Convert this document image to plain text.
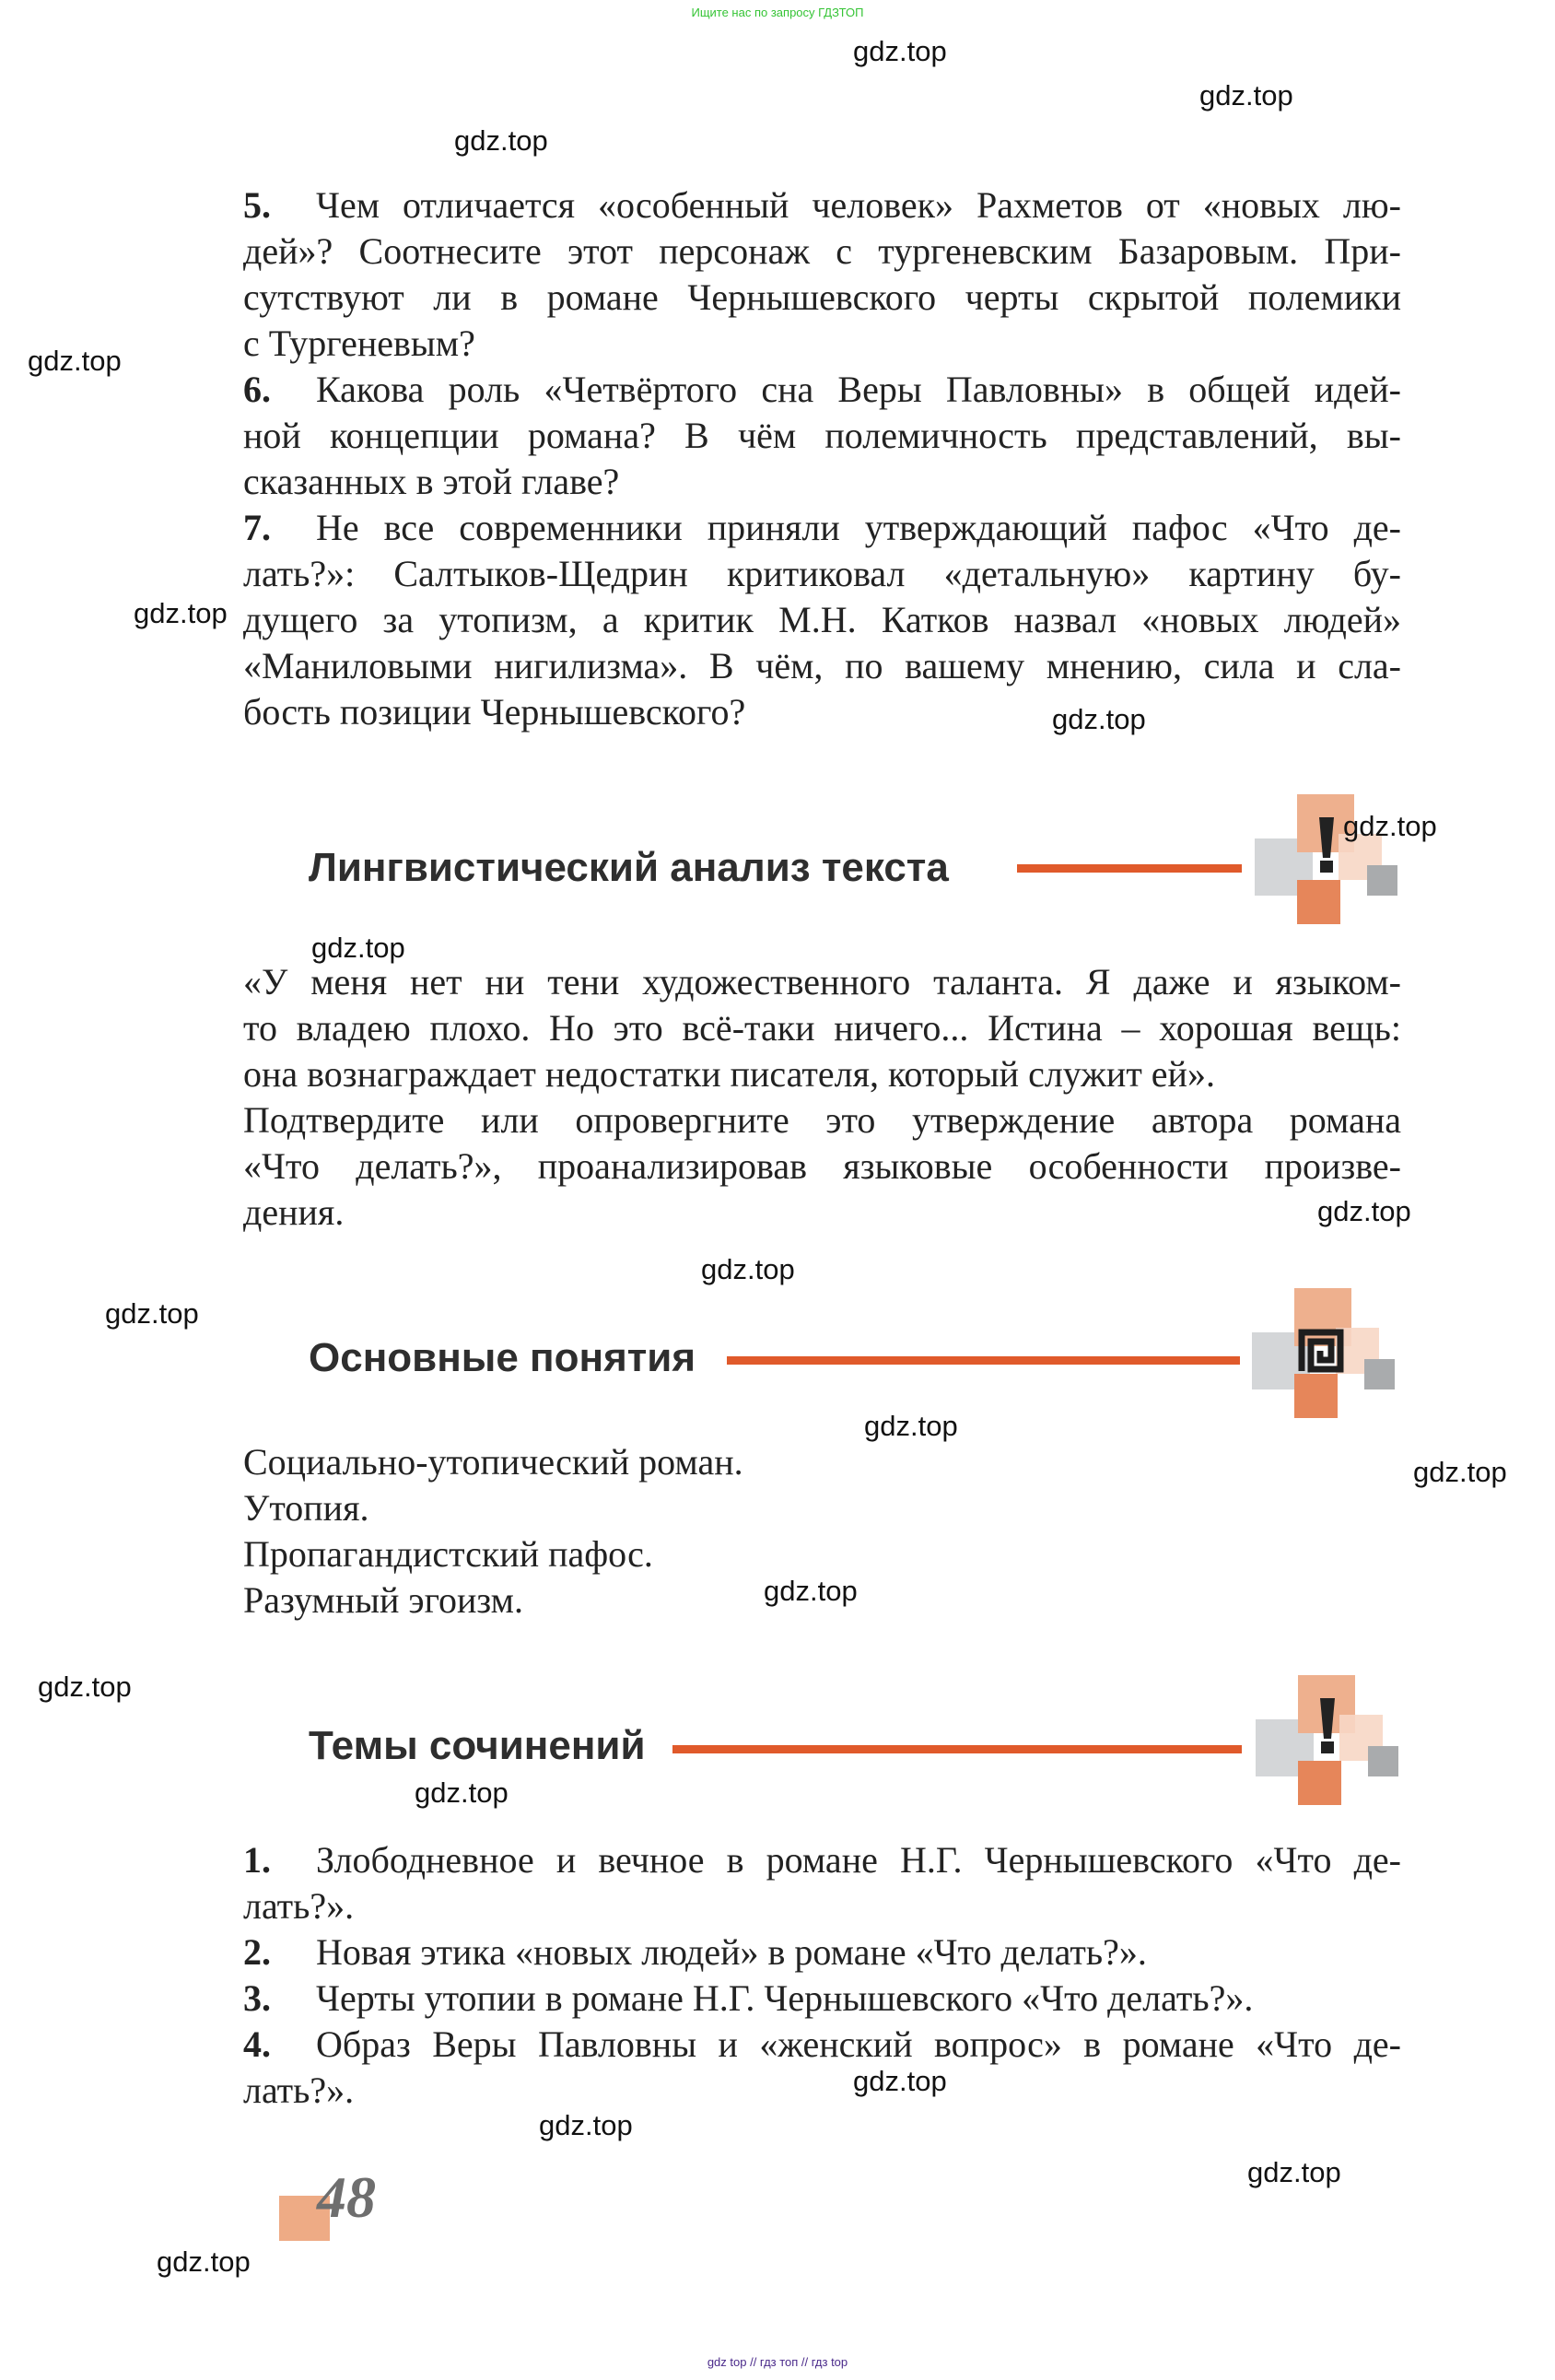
Ищите нас по запросу ГДЗТОП
5.	Чем отличается «особенный человек» Рахметов от «новых лю-
дей»? Соотнесите этот персонаж с тургеневским Базаровым. При-
сутствуют ли в романе Чернышевского черты скрытой полемики
с Тургеневым?
6.	Какова роль «Четвёртого сна Веры Павловны» в общей идей-
ной концепции романа? В чём полемичность представлений, вы-
сказанных в этой главе?
7.	Не все современники приняли утверждающий пафос «Что де-
лать?»: Салтыков-Щедрин критиковал «детальную» картину бу-
дущего за утопизм, а критик М.Н. Катков назвал «новых людей»
«Маниловыми нигилизма». В чём, по вашему мнению, сила и сла-
бость позиции Чернышевского?
Лингвистический анализ текста
«У меня нет ни тени художественного таланта. Я даже и языком-
то владею плохо. Но это всё-таки ничего... Истина – хорошая вещь:
она вознаграждает недостатки писателя, который служит ей».
Подтвердите или опровергните это утверждение автора романа
«Что делать?», проанализировав языковые особенности произве-
дения.
Основные понятия
Социально-утопический роман.
Утопия.
Пропагандистский пафос.
Разумный эгоизм.
Темы сочинений
1.	Злободневное и вечное в романе Н.Г. Чернышевского «Что де-
лать?».
2.	Новая этика «новых людей» в романе «Что делать?».
3.	Черты утопии в романе Н.Г. Чернышевского «Что делать?».
4.	Образ Веры Павловны и «женский вопрос» в романе «Что де-
лать?».
48
gdz.top
gdz.top
gdz.top
gdz.top
gdz.top
gdz.top
gdz.top
gdz.top
gdz.top
gdz.top
gdz.top
gdz.top
gdz.top
gdz.top
gdz.top
gdz.top
gdz.top
gdz.top
gdz.top
gdz.top
gdz top // гдз топ // гдз top
